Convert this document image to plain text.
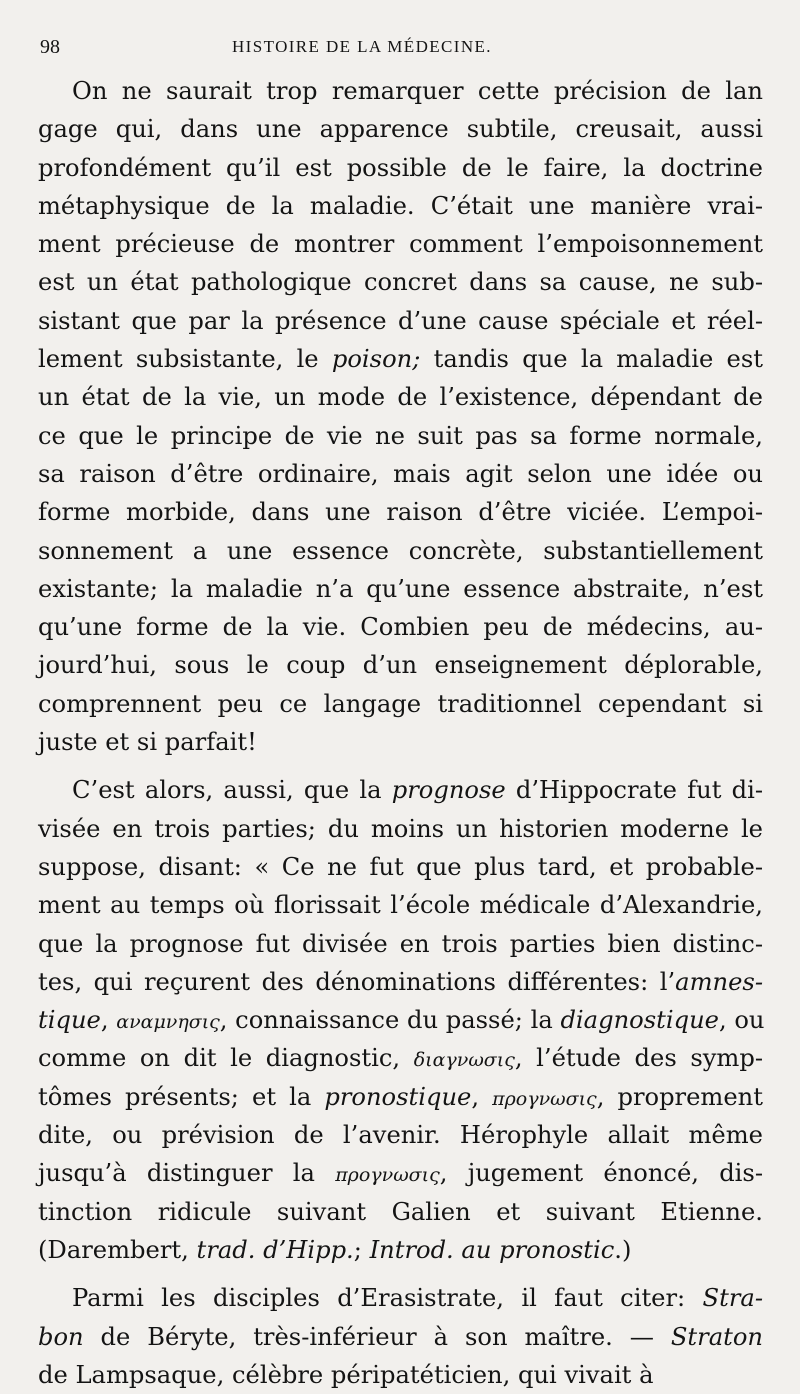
98	HISTOIRE DE LA MÉDECINE.
On ne saurait trop remarquer cette précision de lan
gage qui, dans une apparence subtile, creusait, aussi
profondément qu’il est possible de le faire, la doctrine
métaphysique de la maladie. C’était une manière vrai-
ment précieuse de montrer comment l’empoisonnement
est un état pathologique concret dans sa cause, ne sub-
sistant que par la présence d’une cause spéciale et réel-
lement subsistante, le poison; tandis que la maladie est
un état de la vie, un mode de l’existence, dépendant de
ce que le principe de vie ne suit pas sa forme normale,
sa raison d’être ordinaire, mais agit selon une idée ou
forme morbide, dans une raison d’être viciée. L’empoi-
sonnement a une essence concrète, substantiellement
existante; la maladie n’a qu’une essence abstraite, n’est
qu’une forme de la vie. Combien peu de médecins, au-
jourd’hui, sous le coup d’un enseignement déplorable,
comprennent peu ce langage traditionnel cependant si
juste et si parfait!
C’est alors, aussi, que la prognose d’Hippocrate fut di-
visée en trois parties; du moins un historien moderne le
suppose, disant: « Ce ne fut que plus tard, et probable-
ment au temps où florissait l’école médicale d’Alexandrie,
que la prognose fut divisée en trois parties bien distinc-
tes, qui reçurent des dénominations différentes: l’amnes-
tique, αναμνησις, connaissance du passé; la diagnostique, ou
comme on dit le diagnostic, διαγνωσις, l’étude des symp-
tômes présents; et la pronostique, προγνωσις, proprement
dite, ou prévision de l’avenir. Hérophyle allait même
jusqu’à distinguer la προγνωσις, jugement énoncé, dis-
tinction ridicule suivant Galien et suivant Etienne.
(Darembert, trad. d’Hipp.; Introd. au pronostic.)
Parmi les disciples d’Erasistrate, il faut citer: Stra-
bon de Béryte, très-inférieur à son maître. — Straton
de Lampsaque, célèbre péripatéticien, qui vivait à
